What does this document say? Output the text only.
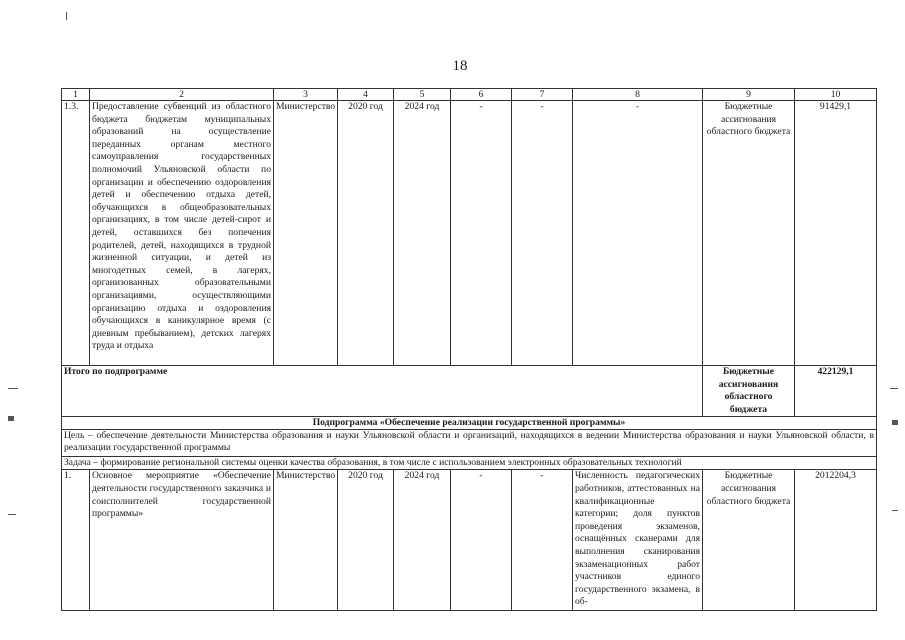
18
1	2	3	4	5	6	7	8	9	10
1.3.	Предоставление субвенций из областного бюджета бюджетам муниципальных образований на осуществление переданных органам местного самоуправления государственных полномочий Ульяновской области по организации и обеспечению оздоровления детей и обеспечению отдыха детей, обучающихся в общеобразовательных организациях, в том числе детей-сирот и детей, оставшихся без попечения родителей, детей, находящихся в трудной жизненной ситуации, и детей из многодетных семей, в лагерях, организованных образовательными организациями, осуществляющими организацию отдыха и оздоровления обучающихся в каникулярное время (с дневным пребыванием), детских лагерях труда и отдыха	Министерство	2020 год	2024 год	-	-	-	Бюджетные ассигнования областного бюджета	91429,1
Итого по подпрограмме								Бюджетные ассигнования областного бюджета	422129,1
Подпрограмма «Обеспечение реализации государственной программы»									
Цель – обеспечение деятельности Министерства образования и науки Ульяновской области и организаций, находящихся в ведении Министерства образования и науки Ульяновской области, в реализации государственной программы									
Задача – формирование региональной системы оценки качества образования, в том числе с использованием электронных образовательных технологий									
1.	Основное мероприятие «Обеспечение деятельности государственного заказчика и соисполнителей государственной программы»	Министерство	2020 год	2024 год	-	-	Численность педагогических работников, аттестованных на квалификационные категории; доля пунктов проведения экзаменов, оснащённых сканерами для выполнения сканирования экзаменационных работ участников единого государственного экзамена, в об-	Бюджетные ассигнования областного бюджета	2012204,3
